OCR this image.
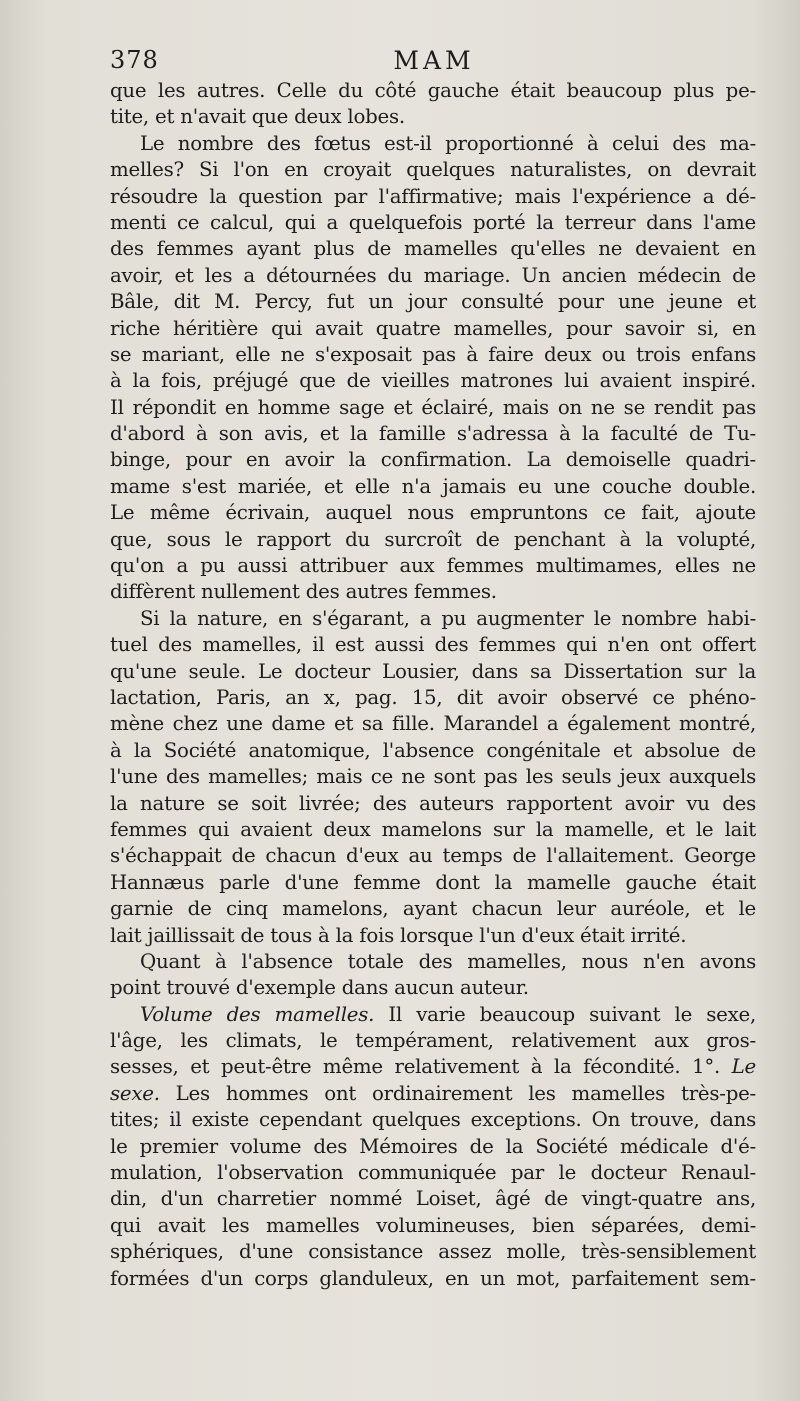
378	MAM
que les autres. Celle du côté gauche était beaucoup plus pe-
tite, et n'avait que deux lobes.
Le nombre des fœtus est-il proportionné à celui des ma-
melles? Si l'on en croyait quelques naturalistes, on devrait
résoudre la question par l'affirmative; mais l'expérience a dé-
menti ce calcul, qui a quelquefois porté la terreur dans l'ame
des femmes ayant plus de mamelles qu'elles ne devaient en
avoir, et les a détournées du mariage. Un ancien médecin de
Bâle, dit M. Percy, fut un jour consulté pour une jeune et
riche héritière qui avait quatre mamelles, pour savoir si, en
se mariant, elle ne s'exposait pas à faire deux ou trois enfans
à la fois, préjugé que de vieilles matrones lui avaient inspiré.
Il répondit en homme sage et éclairé, mais on ne se rendit pas
d'abord à son avis, et la famille s'adressa à la faculté de Tu-
binge, pour en avoir la confirmation. La demoiselle quadri-
mame s'est mariée, et elle n'a jamais eu une couche double.
Le même écrivain, auquel nous empruntons ce fait, ajoute
que, sous le rapport du surcroît de penchant à la volupté,
qu'on a pu aussi attribuer aux femmes multimames, elles ne
diffèrent nullement des autres femmes.
Si la nature, en s'égarant, a pu augmenter le nombre habi-
tuel des mamelles, il est aussi des femmes qui n'en ont offert
qu'une seule. Le docteur Lousier, dans sa Dissertation sur la
lactation, Paris, an x, pag. 15, dit avoir observé ce phéno-
mène chez une dame et sa fille. Marandel a également montré,
à la Société anatomique, l'absence congénitale et absolue de
l'une des mamelles; mais ce ne sont pas les seuls jeux auxquels
la nature se soit livrée; des auteurs rapportent avoir vu des
femmes qui avaient deux mamelons sur la mamelle, et le lait
s'échappait de chacun d'eux au temps de l'allaitement. George
Hannæus parle d'une femme dont la mamelle gauche était
garnie de cinq mamelons, ayant chacun leur auréole, et le
lait jaillissait de tous à la fois lorsque l'un d'eux était irrité.
Quant à l'absence totale des mamelles, nous n'en avons
point trouvé d'exemple dans aucun auteur.
Volume des mamelles. Il varie beaucoup suivant le sexe,
l'âge, les climats, le tempérament, relativement aux gros-
sesses, et peut-être même relativement à la fécondité. 1°. Le
sexe. Les hommes ont ordinairement les mamelles très-pe-
tites; il existe cependant quelques exceptions. On trouve, dans
le premier volume des Mémoires de la Société médicale d'é-
mulation, l'observation communiquée par le docteur Renaul-
din, d'un charretier nommé Loiset, âgé de vingt-quatre ans,
qui avait les mamelles volumineuses, bien séparées, demi-
sphériques, d'une consistance assez molle, très-sensiblement
formées d'un corps glanduleux, en un mot, parfaitement sem-
